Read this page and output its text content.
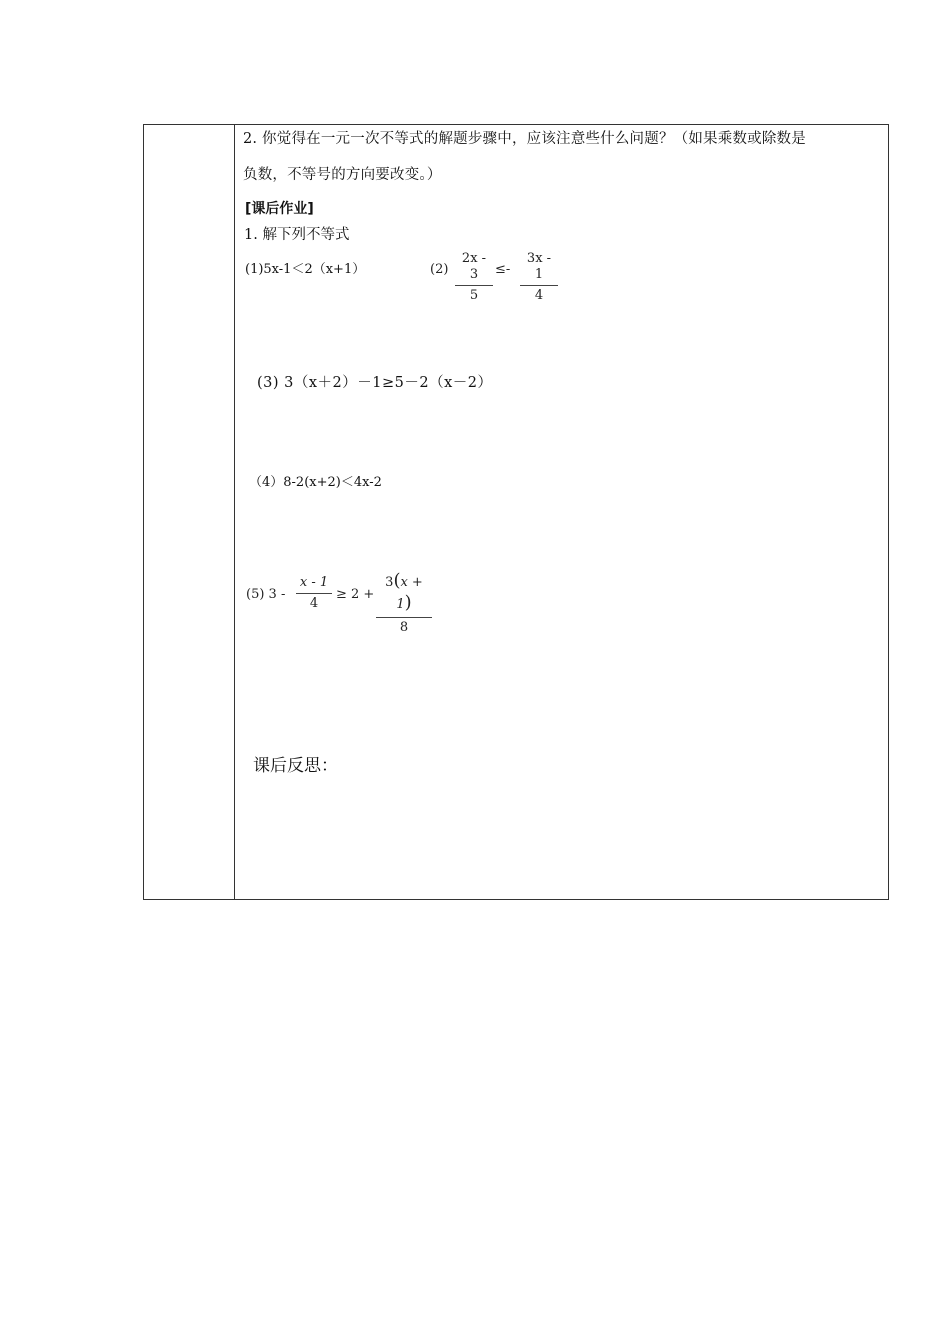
2. 你觉得在一元一次不等式的解题步骤中，应该注意些什么问题？（如果乘数或除数是
负数，不等号的方向要改变。）
[课后作业]
1. 解下列不等式
(1)5x-1＜2（x+1）	(2)
2x - 3
5
≤-
3x - 1
4
(3) 3（x＋2）－1≥5－2（x－2）
（4）8-2(x+2)＜4x-2
(5) 3 -
x - 1
4
≥ 2 +
3(x + 1)
8
课后反思：
